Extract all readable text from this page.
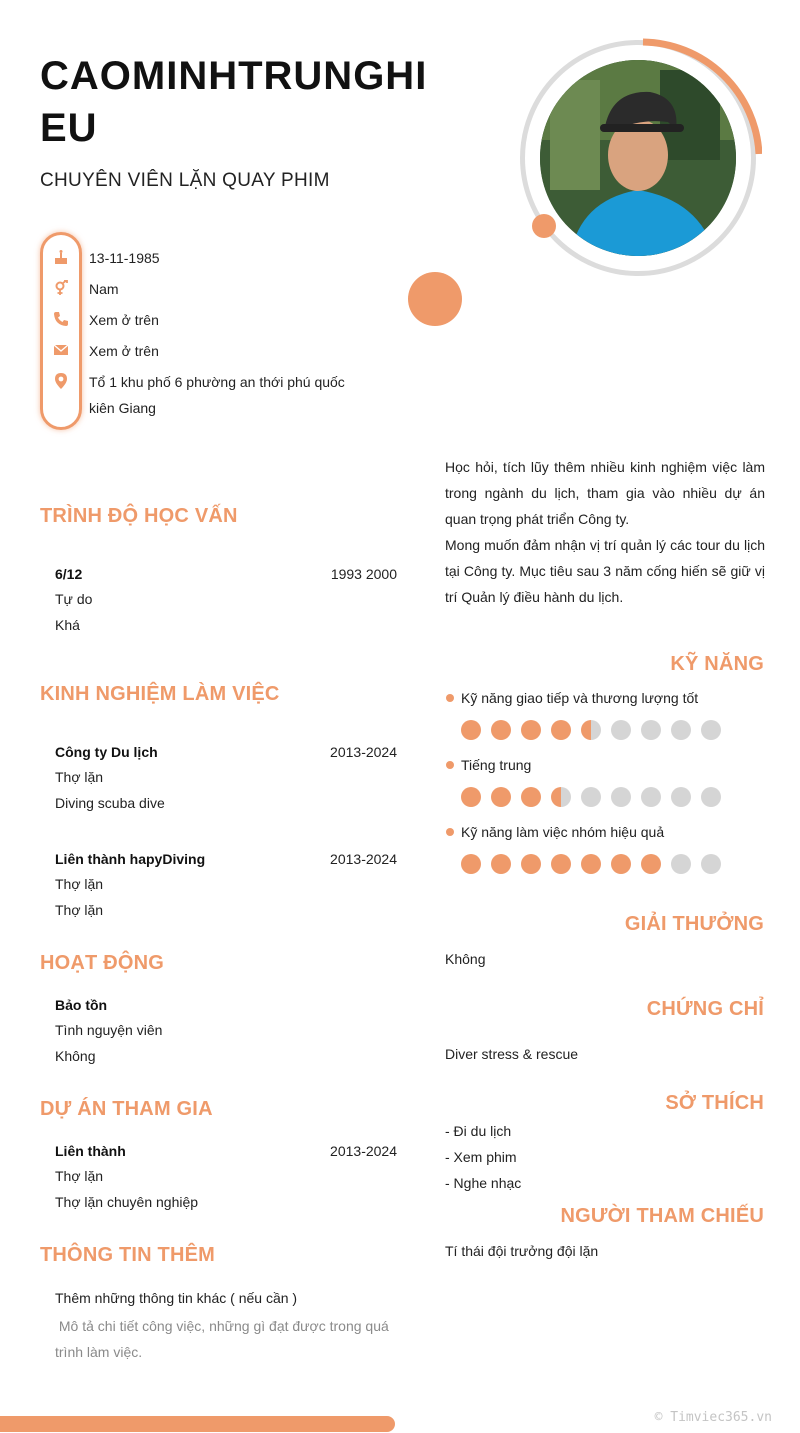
CAOMINHTRUNGHIEU
CHUYÊN VIÊN LẶN QUAY PHIM
13-11-1985
Nam
Xem ở trên
Xem ở trên
Tổ 1 khu phố 6 phường an thới phú quốc
kiên Giang
Học hỏi, tích lũy thêm nhiều kinh nghiệm việc làm trong ngành du lịch, tham gia vào nhiều dự án quan trọng phát triển Công ty.
Mong muốn đảm nhận vị trí quản lý các tour du lịch tại Công ty. Mục tiêu sau 3 năm cống hiến sẽ giữ vị trí Quản lý điều hành du lịch.
TRÌNH ĐỘ HỌC VẤN
6/12	1993 2000
Tự do
Khá
KINH NGHIỆM LÀM VIỆC
Công ty Du lịch	2013-2024
Thợ lặn
Diving scuba dive
Liên thành hapyDiving	2013-2024
Thợ lặn
Thợ lặn
HOẠT ĐỘNG
Bảo tồn
Tình nguyện viên
Không
DỰ ÁN THAM GIA
Liên thành	2013-2024
Thợ lặn
Thợ lặn chuyên nghiệp
THÔNG TIN THÊM
Thêm những thông tin khác ( nếu cần )
Mô tả chi tiết công việc, những gì đạt được trong quá trình làm việc.
KỸ NĂNG
Kỹ năng giao tiếp và thương lượng tốt
Tiếng trung
Kỹ năng làm việc nhóm hiệu quả
GIẢI THƯỞNG
Không
CHỨNG CHỈ
Diver stress & rescue
SỞ THÍCH
- Đi du lịch
- Xem phim
- Nghe nhạc
NGƯỜI THAM CHIẾU
Tí thái đội trưởng đội lặn
© Timviec365.vn
